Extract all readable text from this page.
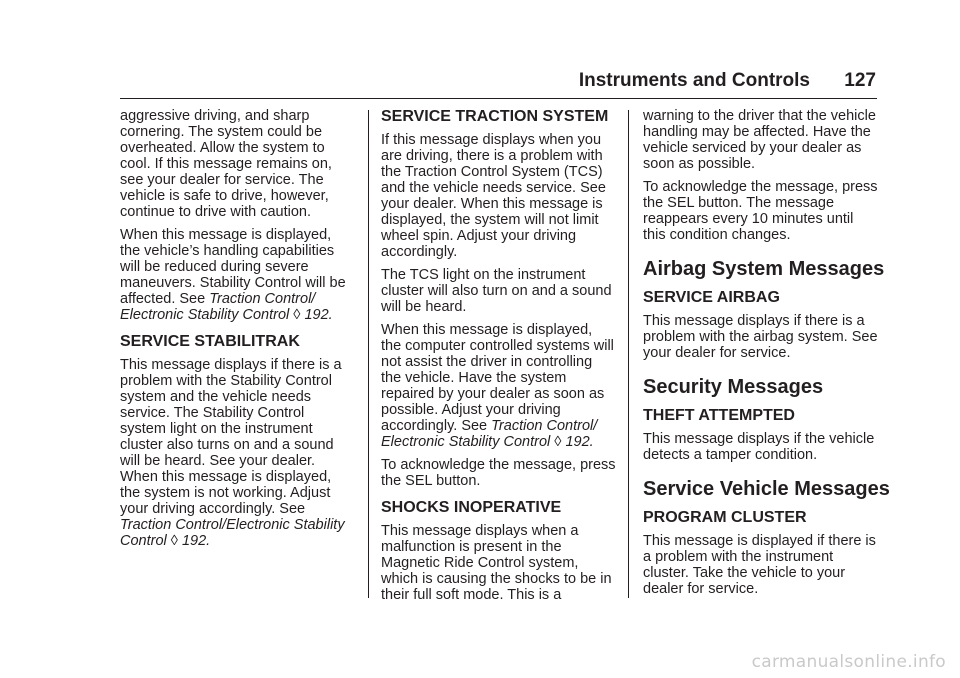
Instruments and Controls 127
aggressive driving, and sharp
cornering. The system could be
overheated. Allow the system to
cool. If this message remains on,
see your dealer for service. The
vehicle is safe to drive, however,
continue to drive with caution.
When this message is displayed,
the vehicle’s handling capabilities
will be reduced during severe
maneuvers. Stability Control will be
affected. See Traction Control/
Electronic Stability Control ◊ 192.
SERVICE STABILITRAK
This message displays if there is a
problem with the Stability Control
system and the vehicle needs
service. The Stability Control
system light on the instrument
cluster also turns on and a sound
will be heard. See your dealer.
When this message is displayed,
the system is not working. Adjust
your driving accordingly. See
Traction Control/Electronic Stability
Control ◊ 192.
SERVICE TRACTION SYSTEM
If this message displays when you
are driving, there is a problem with
the Traction Control System (TCS)
and the vehicle needs service. See
your dealer. When this message is
displayed, the system will not limit
wheel spin. Adjust your driving
accordingly.
The TCS light on the instrument
cluster will also turn on and a sound
will be heard.
When this message is displayed,
the computer controlled systems will
not assist the driver in controlling
the vehicle. Have the system
repaired by your dealer as soon as
possible. Adjust your driving
accordingly. See Traction Control/
Electronic Stability Control ◊ 192.
To acknowledge the message, press
the SEL button.
SHOCKS INOPERATIVE
This message displays when a
malfunction is present in the
Magnetic Ride Control system,
which is causing the shocks to be in
their full soft mode. This is a
warning to the driver that the vehicle
handling may be affected. Have the
vehicle serviced by your dealer as
soon as possible.
To acknowledge the message, press
the SEL button. The message
reappears every 10 minutes until
this condition changes.
Airbag System Messages
SERVICE AIRBAG
This message displays if there is a
problem with the airbag system. See
your dealer for service.
Security Messages
THEFT ATTEMPTED
This message displays if the vehicle
detects a tamper condition.
Service Vehicle Messages
PROGRAM CLUSTER
This message is displayed if there is
a problem with the instrument
cluster. Take the vehicle to your
dealer for service.
carmanualsonline.info
